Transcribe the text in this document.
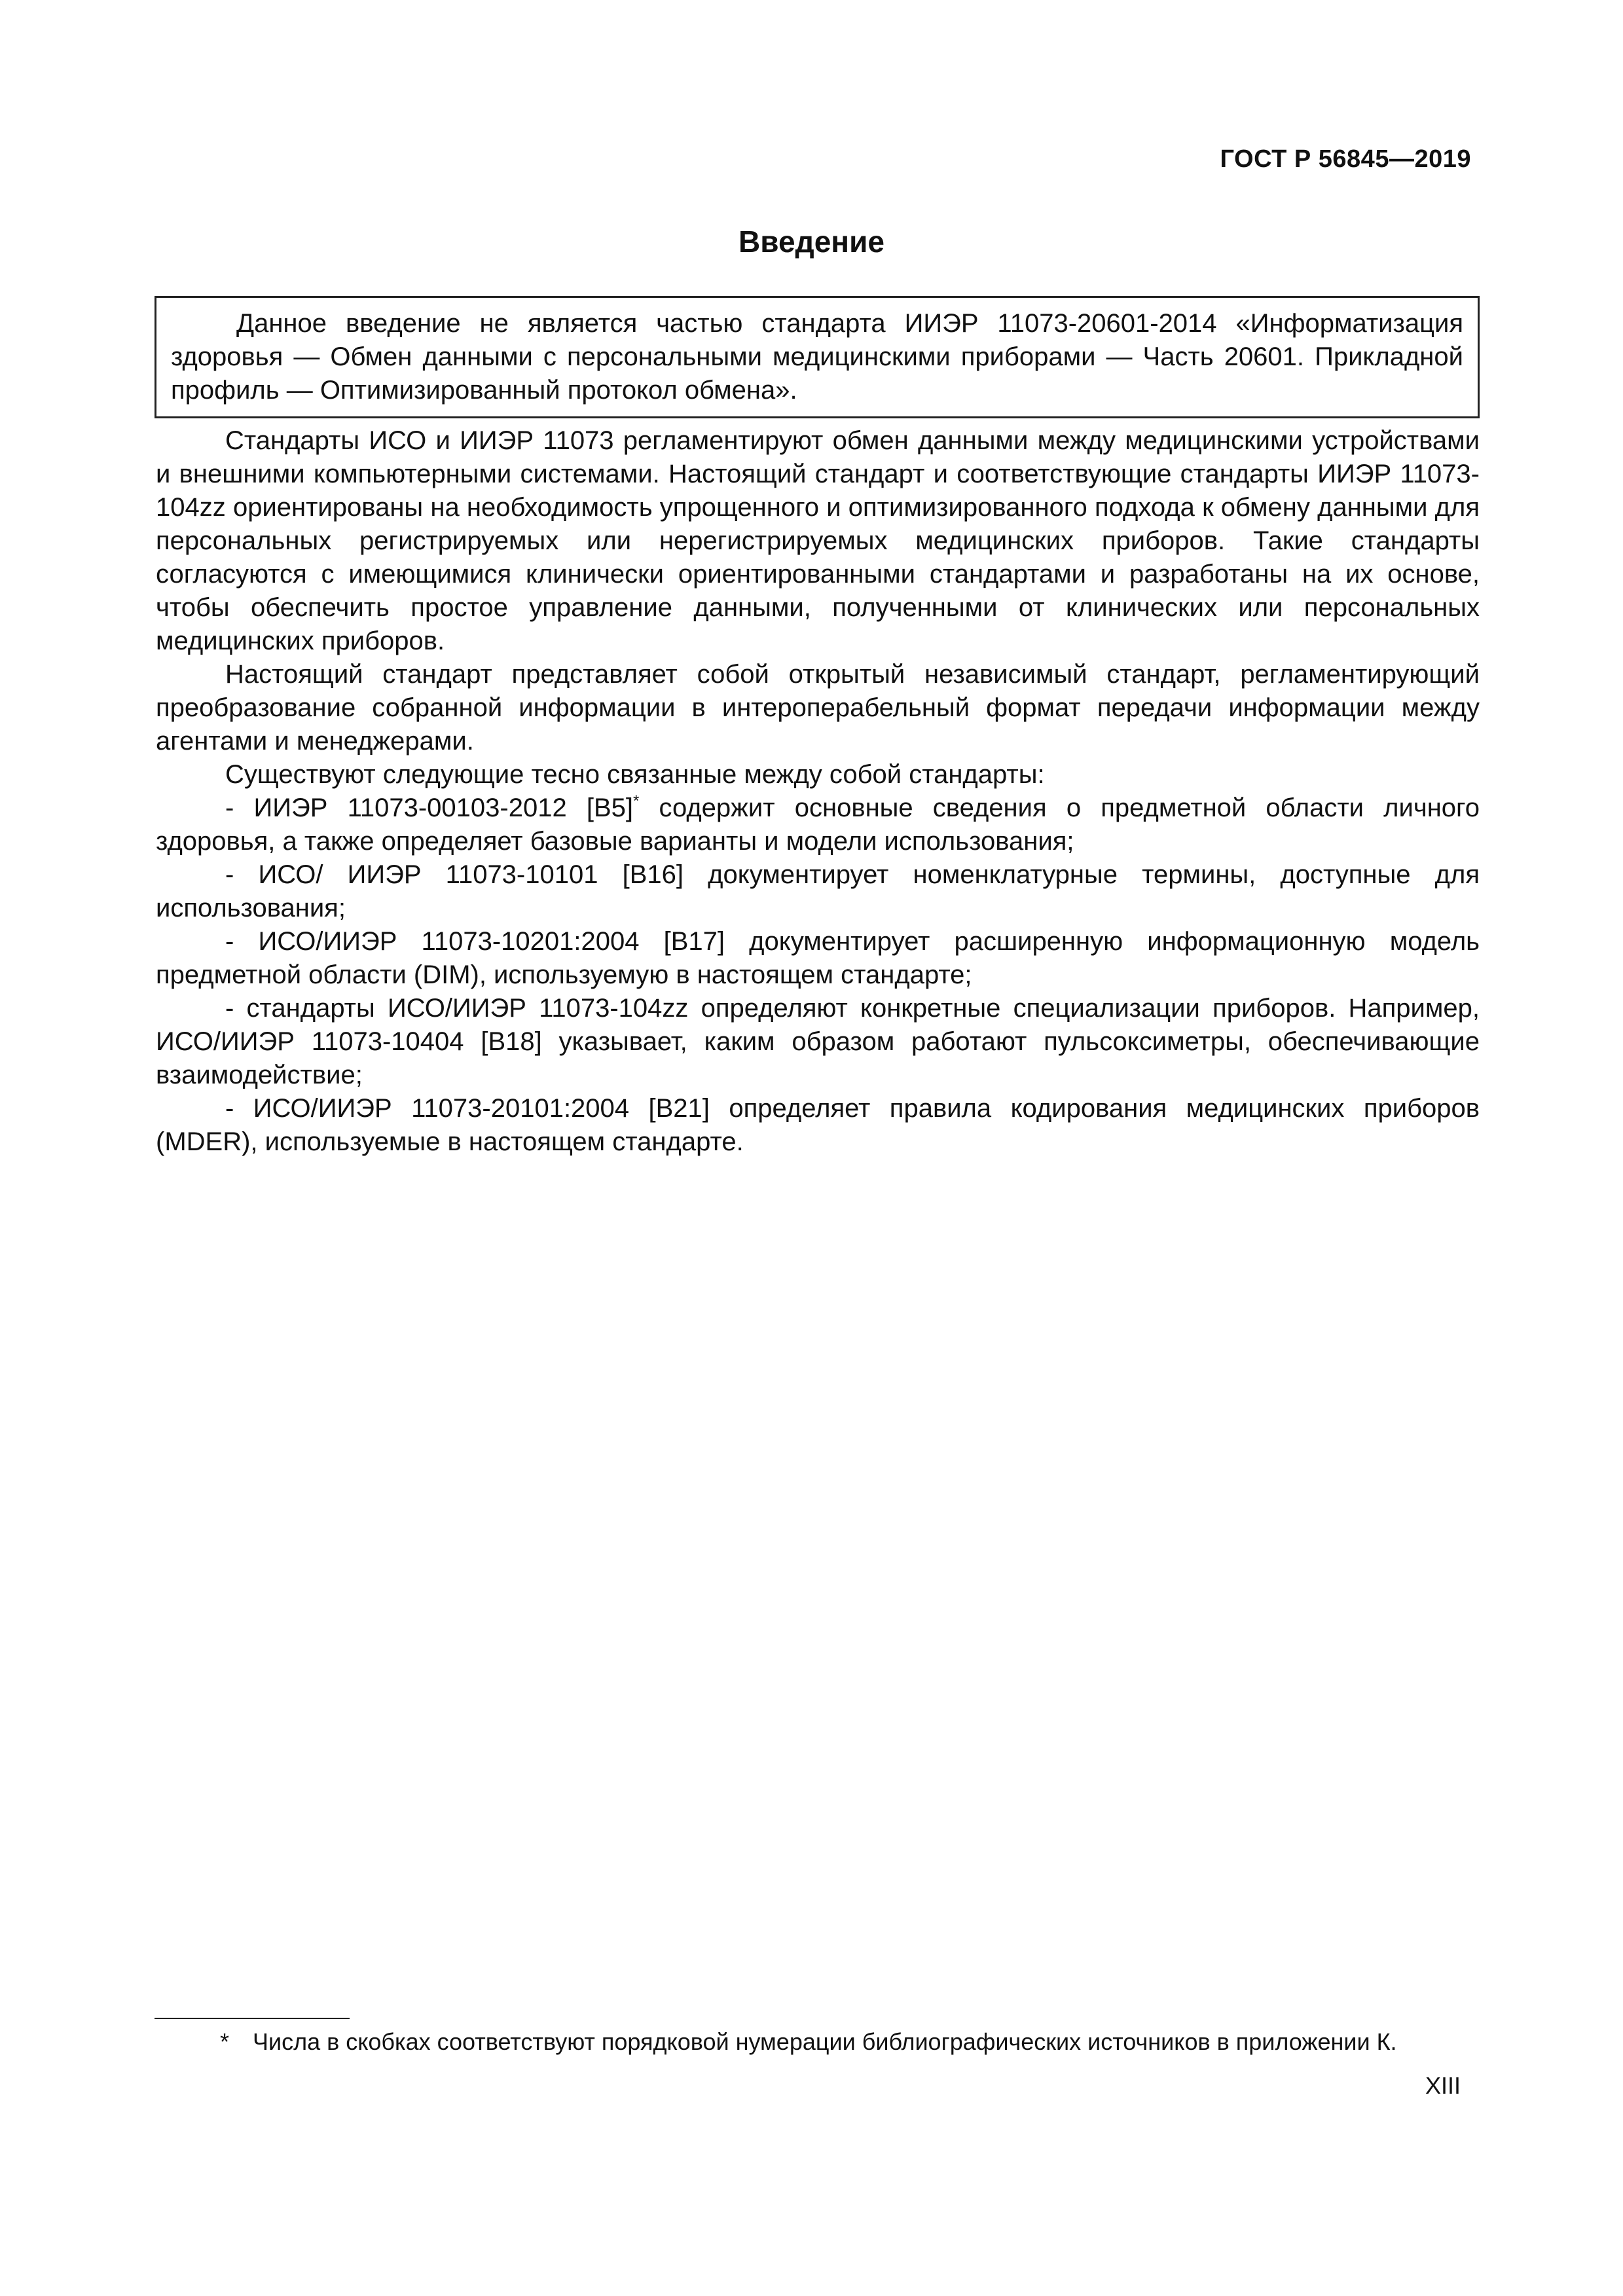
ГОСТ Р 56845—2019
Введение
Данное введение не является частью стандарта ИИЭР 11073-20601-2014 «Информатизация здоровья — Обмен данными с персональными медицинскими приборами — Часть 20601. Прикладной профиль — Оптимизированный протокол обмена».

Стандарты ИСО и ИИЭР 11073 регламентируют обмен данными между медицинскими устройствами и внешними компьютерными системами. Настоящий стандарт и соответствующие стандарты ИИЭР 11073-104zz ориентированы на необходимость упрощенного и оптимизированного подхода к обмену данными для персональных регистрируемых или нерегистрируемых медицинских приборов. Такие стандарты согласуются с имеющимися клинически ориентированными стандартами и разработаны на их основе, чтобы обеспечить простое управление данными, полученными от клинических или персональных медицинских приборов.

Настоящий стандарт представляет собой открытый независимый стандарт, регламентирующий преобразование собранной информации в интероперабельный формат передачи информации между агентами и менеджерами.

Существуют следующие тесно связанные между собой стандарты:

- ИИЭР 11073-00103-2012 [B5]* содержит основные сведения о предметной области личного здоровья, а также определяет базовые варианты и модели использования;

- ИСО/ ИИЭР 11073-10101 [B16] документирует номенклатурные термины, доступные для использования;

- ИСО/ИИЭР 11073-10201:2004 [B17] документирует расширенную информационную модель предметной области (DIM), используемую в настоящем стандарте;

- стандарты ИСО/ИИЭР 11073-104zz определяют конкретные специализации приборов. Например, ИСО/ИИЭР 11073-10404 [B18] указывает, каким образом работают пульсоксиметры, обеспечивающие взаимодействие;

- ИСО/ИИЭР 11073-20101:2004 [B21] определяет правила кодирования медицинских приборов (MDER), используемые в настоящем стандарте.

* Числа в скобках соответствуют порядковой нумерации библиографических источников в приложении К.
XIII
